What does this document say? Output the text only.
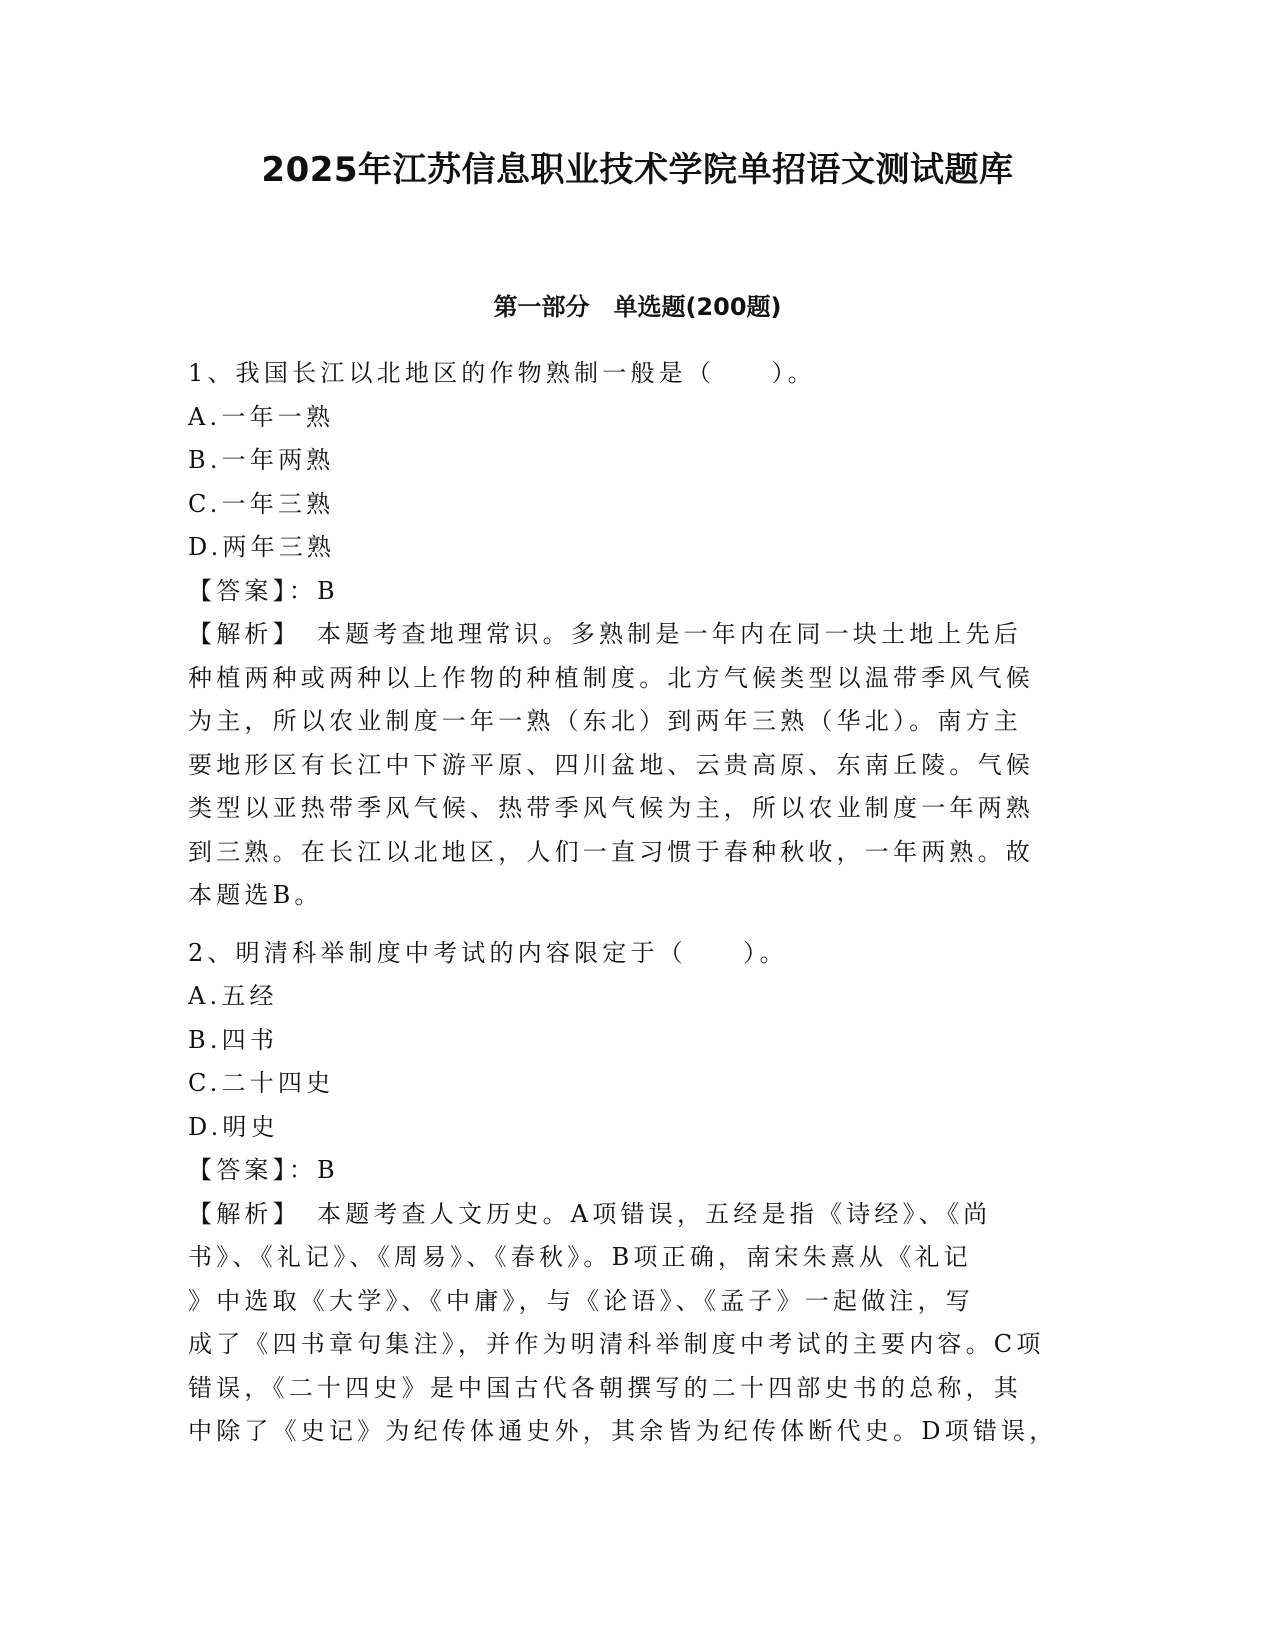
2025年江苏信息职业技术学院单招语文测试题库
第一部分　单选题(200题)
1、我国长江以北地区的作物熟制一般是（　　）。
A.一年一熟
B.一年两熟
C.一年三熟
D.两年三熟
【答案】：B
【解析】　本题考查地理常识。多熟制是一年内在同一块土地上先后
种植两种或两种以上作物的种植制度。北方气候类型以温带季风气候
为主，所以农业制度一年一熟（东北）到两年三熟（华北）。南方主
要地形区有长江中下游平原、四川盆地、云贵高原、东南丘陵。气候
类型以亚热带季风气候、热带季风气候为主，所以农业制度一年两熟
到三熟。在长江以北地区，人们一直习惯于春种秋收，一年两熟。故
本题选B。
2、明清科举制度中考试的内容限定于（　　）。
A.五经
B.四书
C.二十四史
D.明史
【答案】：B
【解析】　本题考查人文历史。A项错误，五经是指《诗经》、《尚
书》、《礼记》、《周易》、《春秋》。B项正确，南宋朱熹从《礼记
》中选取《大学》、《中庸》，与《论语》、《孟子》一起做注，写
成了《四书章句集注》，并作为明清科举制度中考试的主要内容。C项
错误，《二十四史》是中国古代各朝撰写的二十四部史书的总称，其
中除了《史记》为纪传体通史外，其余皆为纪传体断代史。D项错误，
